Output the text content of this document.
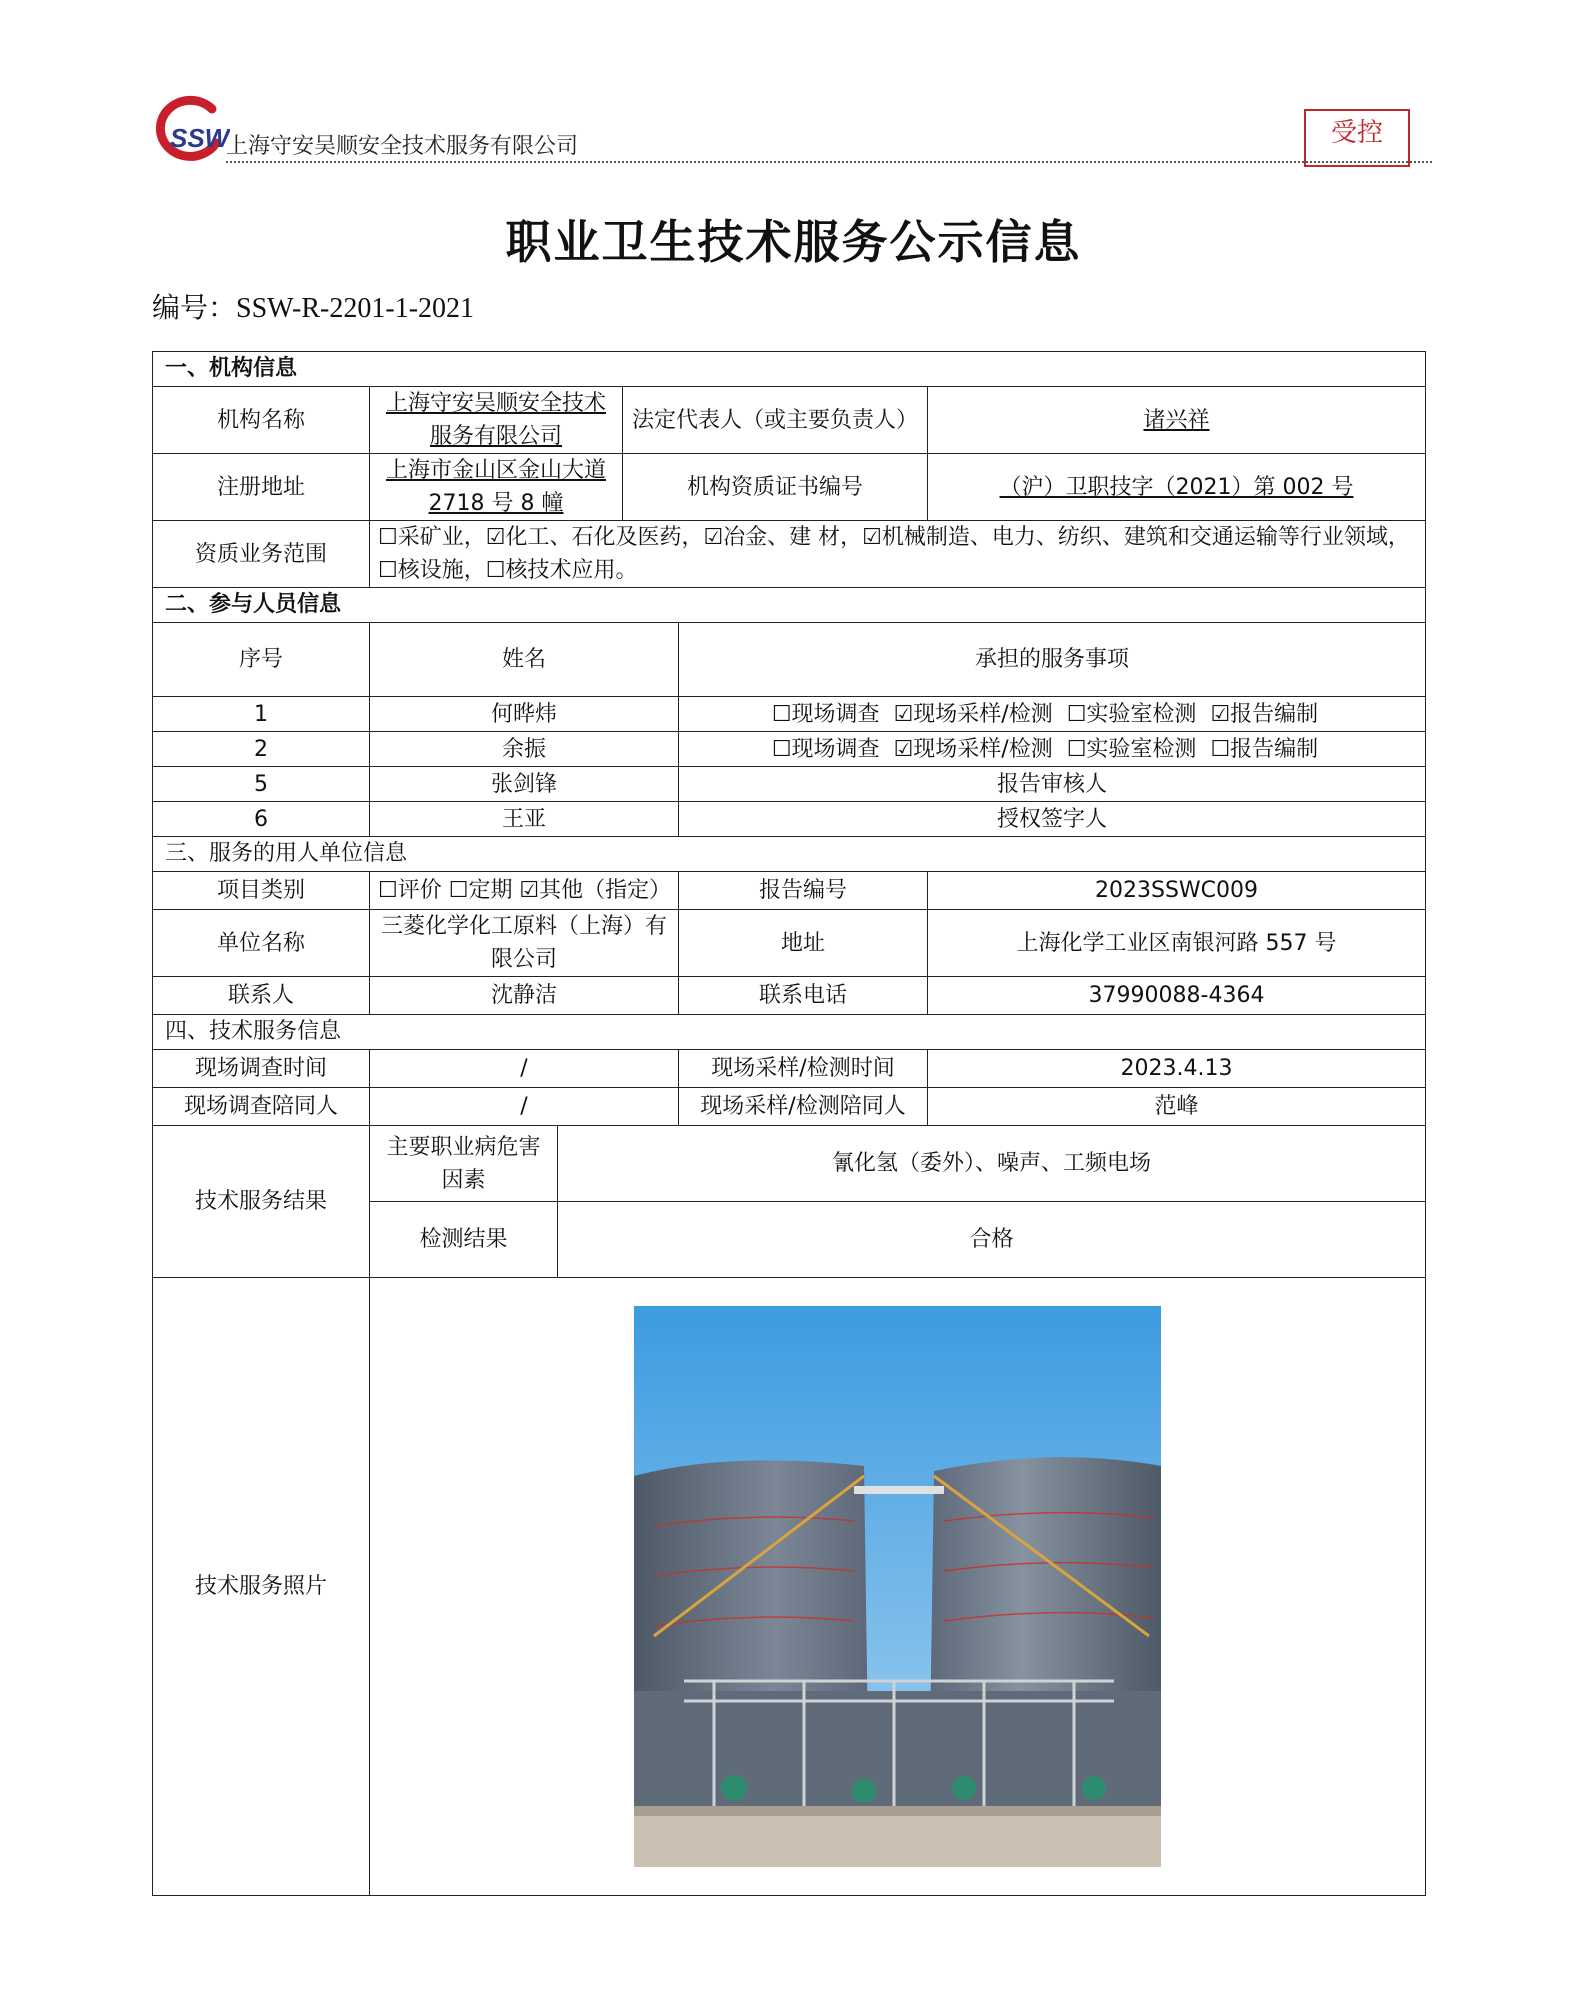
SSW
上海守安吴顺安全技术服务有限公司	受控
职业卫生技术服务公示信息
编号：SSW-R-2201-1-2021
一、机构信息					
机构名称	上海守安吴顺安全技术服务有限公司		法定代表人（或主要负责人）		诸兴祥
注册地址	上海市金山区金山大道 2718 号 8 幢		机构资质证书编号		（沪）卫职技字（2021）第 002 号
资质业务范围	☐采矿业，☑化工、石化及医药，☑冶金、建 材，☑机械制造、电力、纺织、建筑和交通运输等行业领域，☐核设施，☐核技术应用。				
二、参与人员信息					
序号	姓名			承担的服务事项	
1	何晔炜			☐现场调查 ☑现场采样/检测 ☐实验室检测 ☑报告编制	
2	余振			☐现场调查 ☑现场采样/检测 ☐实验室检测 ☐报告编制	
5	张剑锋			报告审核人	
6	王亚			授权签字人	
三、服务的用人单位信息					
项目类别	☐评价 ☐定期 ☑其他（指定）			报告编号	2023SSWC009
单位名称	三菱化学化工原料（上海）有限公司			地址	上海化学工业区南银河路 557 号
联系人	沈静洁			联系电话	37990088-4364
四、技术服务信息					
现场调查时间	/			现场采样/检测时间	2023.4.13
现场调查陪同人	/			现场采样/检测陪同人	范峰
技术服务结果	主要职业病危害因素	氰化氢（委外）、噪声、工频电场			
	检测结果	合格			
技术服务照片	
